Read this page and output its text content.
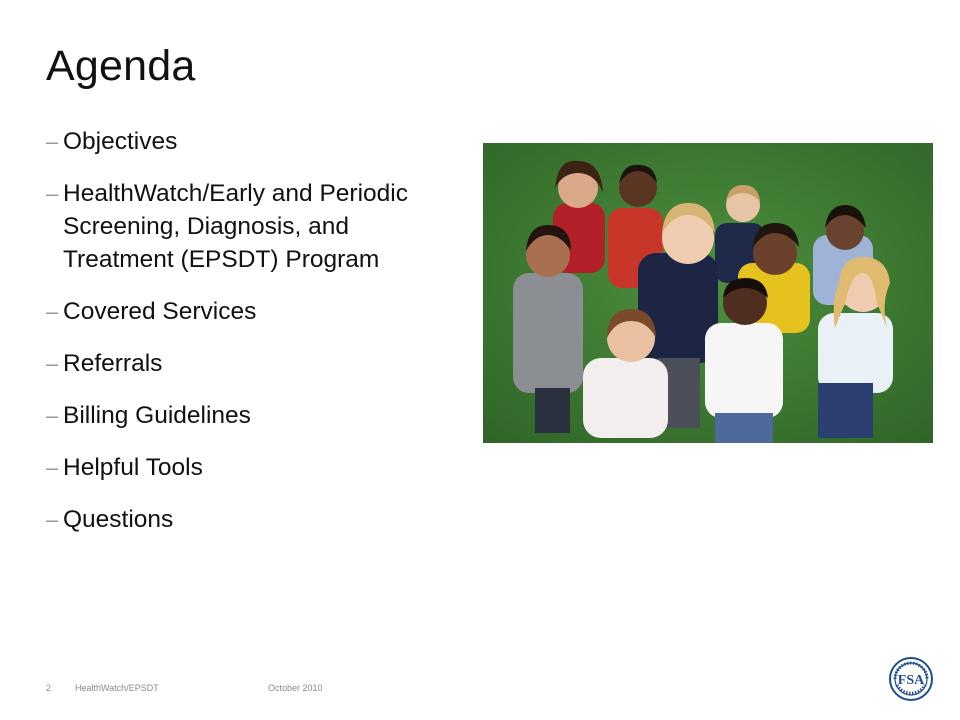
Agenda
– Objectives
– HealthWatch/Early and Periodic Screening, Diagnosis, and Treatment (EPSDT) Program
– Covered Services
– Referrals
– Billing Guidelines
– Helpful Tools
– Questions
2	HealthWatch/EPSDT	October 2010	FSA
